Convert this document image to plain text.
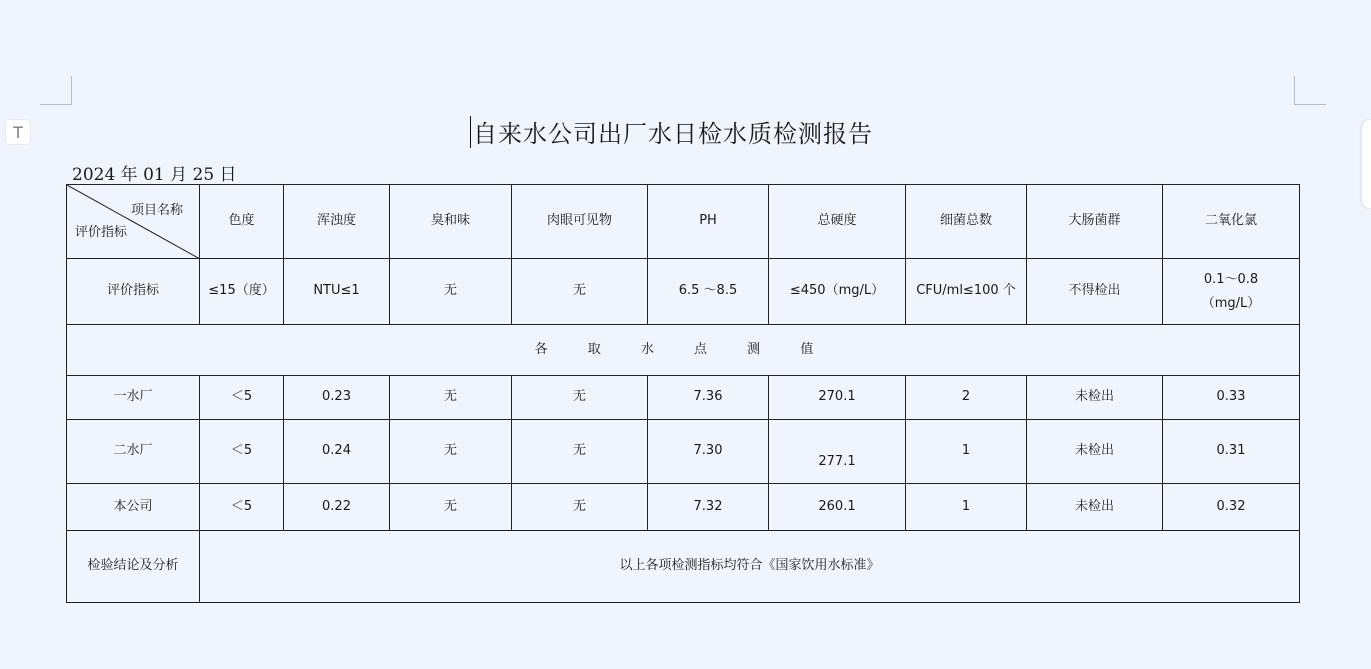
T	自来水公司出厂水日检水质检测报告
2024 年 01 月 25 日
项目名称
评价指标	色度	浑浊度	臭和味	肉眼可见物	PH	总硬度	细菌总数	大肠菌群	二氧化氯
评价指标	≤15（度）	NTU≤1	无	无	6.5 ～8.5	≤450（mg/L）	CFU/ml≤100 个	不得检出	0.1～0.8
（mg/L）

各 取 水 点 测 值									
一水厂	＜5	0.23	无	无	7.36	270.1	2	未检出	0.33
二水厂	＜5	0.24	无	无	7.30	277.1	1	未检出	0.31
本公司	＜5	0.22	无	无	7.32	260.1	1	未检出	0.32
检验结论及分析	以上各项检测指标均符合《国家饮用水标准》								
